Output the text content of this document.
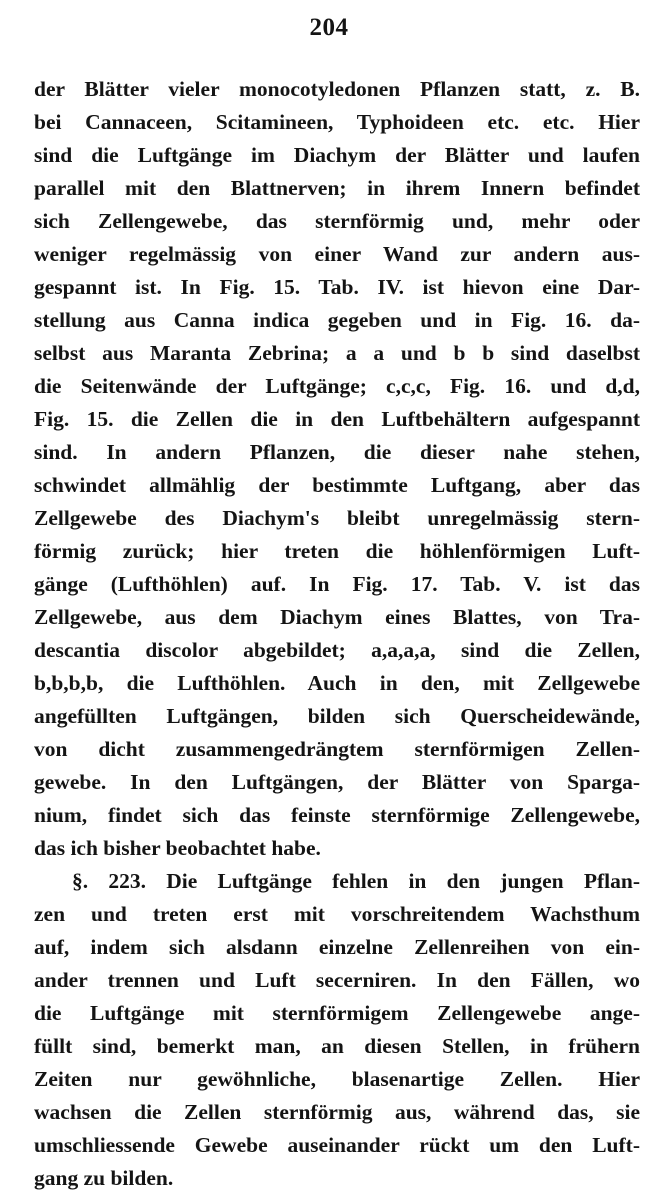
204
der Blätter vieler monocotyledonen Pflanzen statt, z. B.
bei Cannaceen, Scitamineen, Typhoideen etc. etc. Hier
sind die Luftgänge im Diachym der Blätter und laufen
parallel mit den Blattnerven; in ihrem Innern befindet
sich Zellengewebe, das sternförmig und, mehr oder
weniger regelmässig von einer Wand zur andern aus-
gespannt ist. In Fig. 15. Tab. IV. ist hievon eine Dar-
stellung aus Canna indica gegeben und in Fig. 16. da-
selbst aus Maranta Zebrina; a a und b b sind daselbst
die Seitenwände der Luftgänge; c,c,c, Fig. 16. und d,d,
Fig. 15. die Zellen die in den Luftbehältern aufgespannt
sind. In andern Pflanzen, die dieser nahe stehen,
schwindet allmählig der bestimmte Luftgang, aber das
Zellgewebe des Diachym's bleibt unregelmässig stern-
förmig zurück; hier treten die höhlenförmigen Luft-
gänge (Lufthöhlen) auf. In Fig. 17. Tab. V. ist das
Zellgewebe, aus dem Diachym eines Blattes, von Tra-
descantia discolor abgebildet; a,a,a,a, sind die Zellen,
b,b,b,b, die Lufthöhlen. Auch in den, mit Zellgewebe
angefüllten Luftgängen, bilden sich Querscheidewände,
von dicht zusammengedrängtem sternförmigen Zellen-
gewebe. In den Luftgängen, der Blätter von Sparga-
nium, findet sich das feinste sternförmige Zellengewebe,
das ich bisher beobachtet habe.
§. 223. Die Luftgänge fehlen in den jungen Pflan-
zen und treten erst mit vorschreitendem Wachsthum
auf, indem sich alsdann einzelne Zellenreihen von ein-
ander trennen und Luft secerniren. In den Fällen, wo
die Luftgänge mit sternförmigem Zellengewebe ange-
füllt sind, bemerkt man, an diesen Stellen, in frühern
Zeiten nur gewöhnliche, blasenartige Zellen. Hier
wachsen die Zellen sternförmig aus, während das, sie
umschliessende Gewebe auseinander rückt um den Luft-
gang zu bilden.
